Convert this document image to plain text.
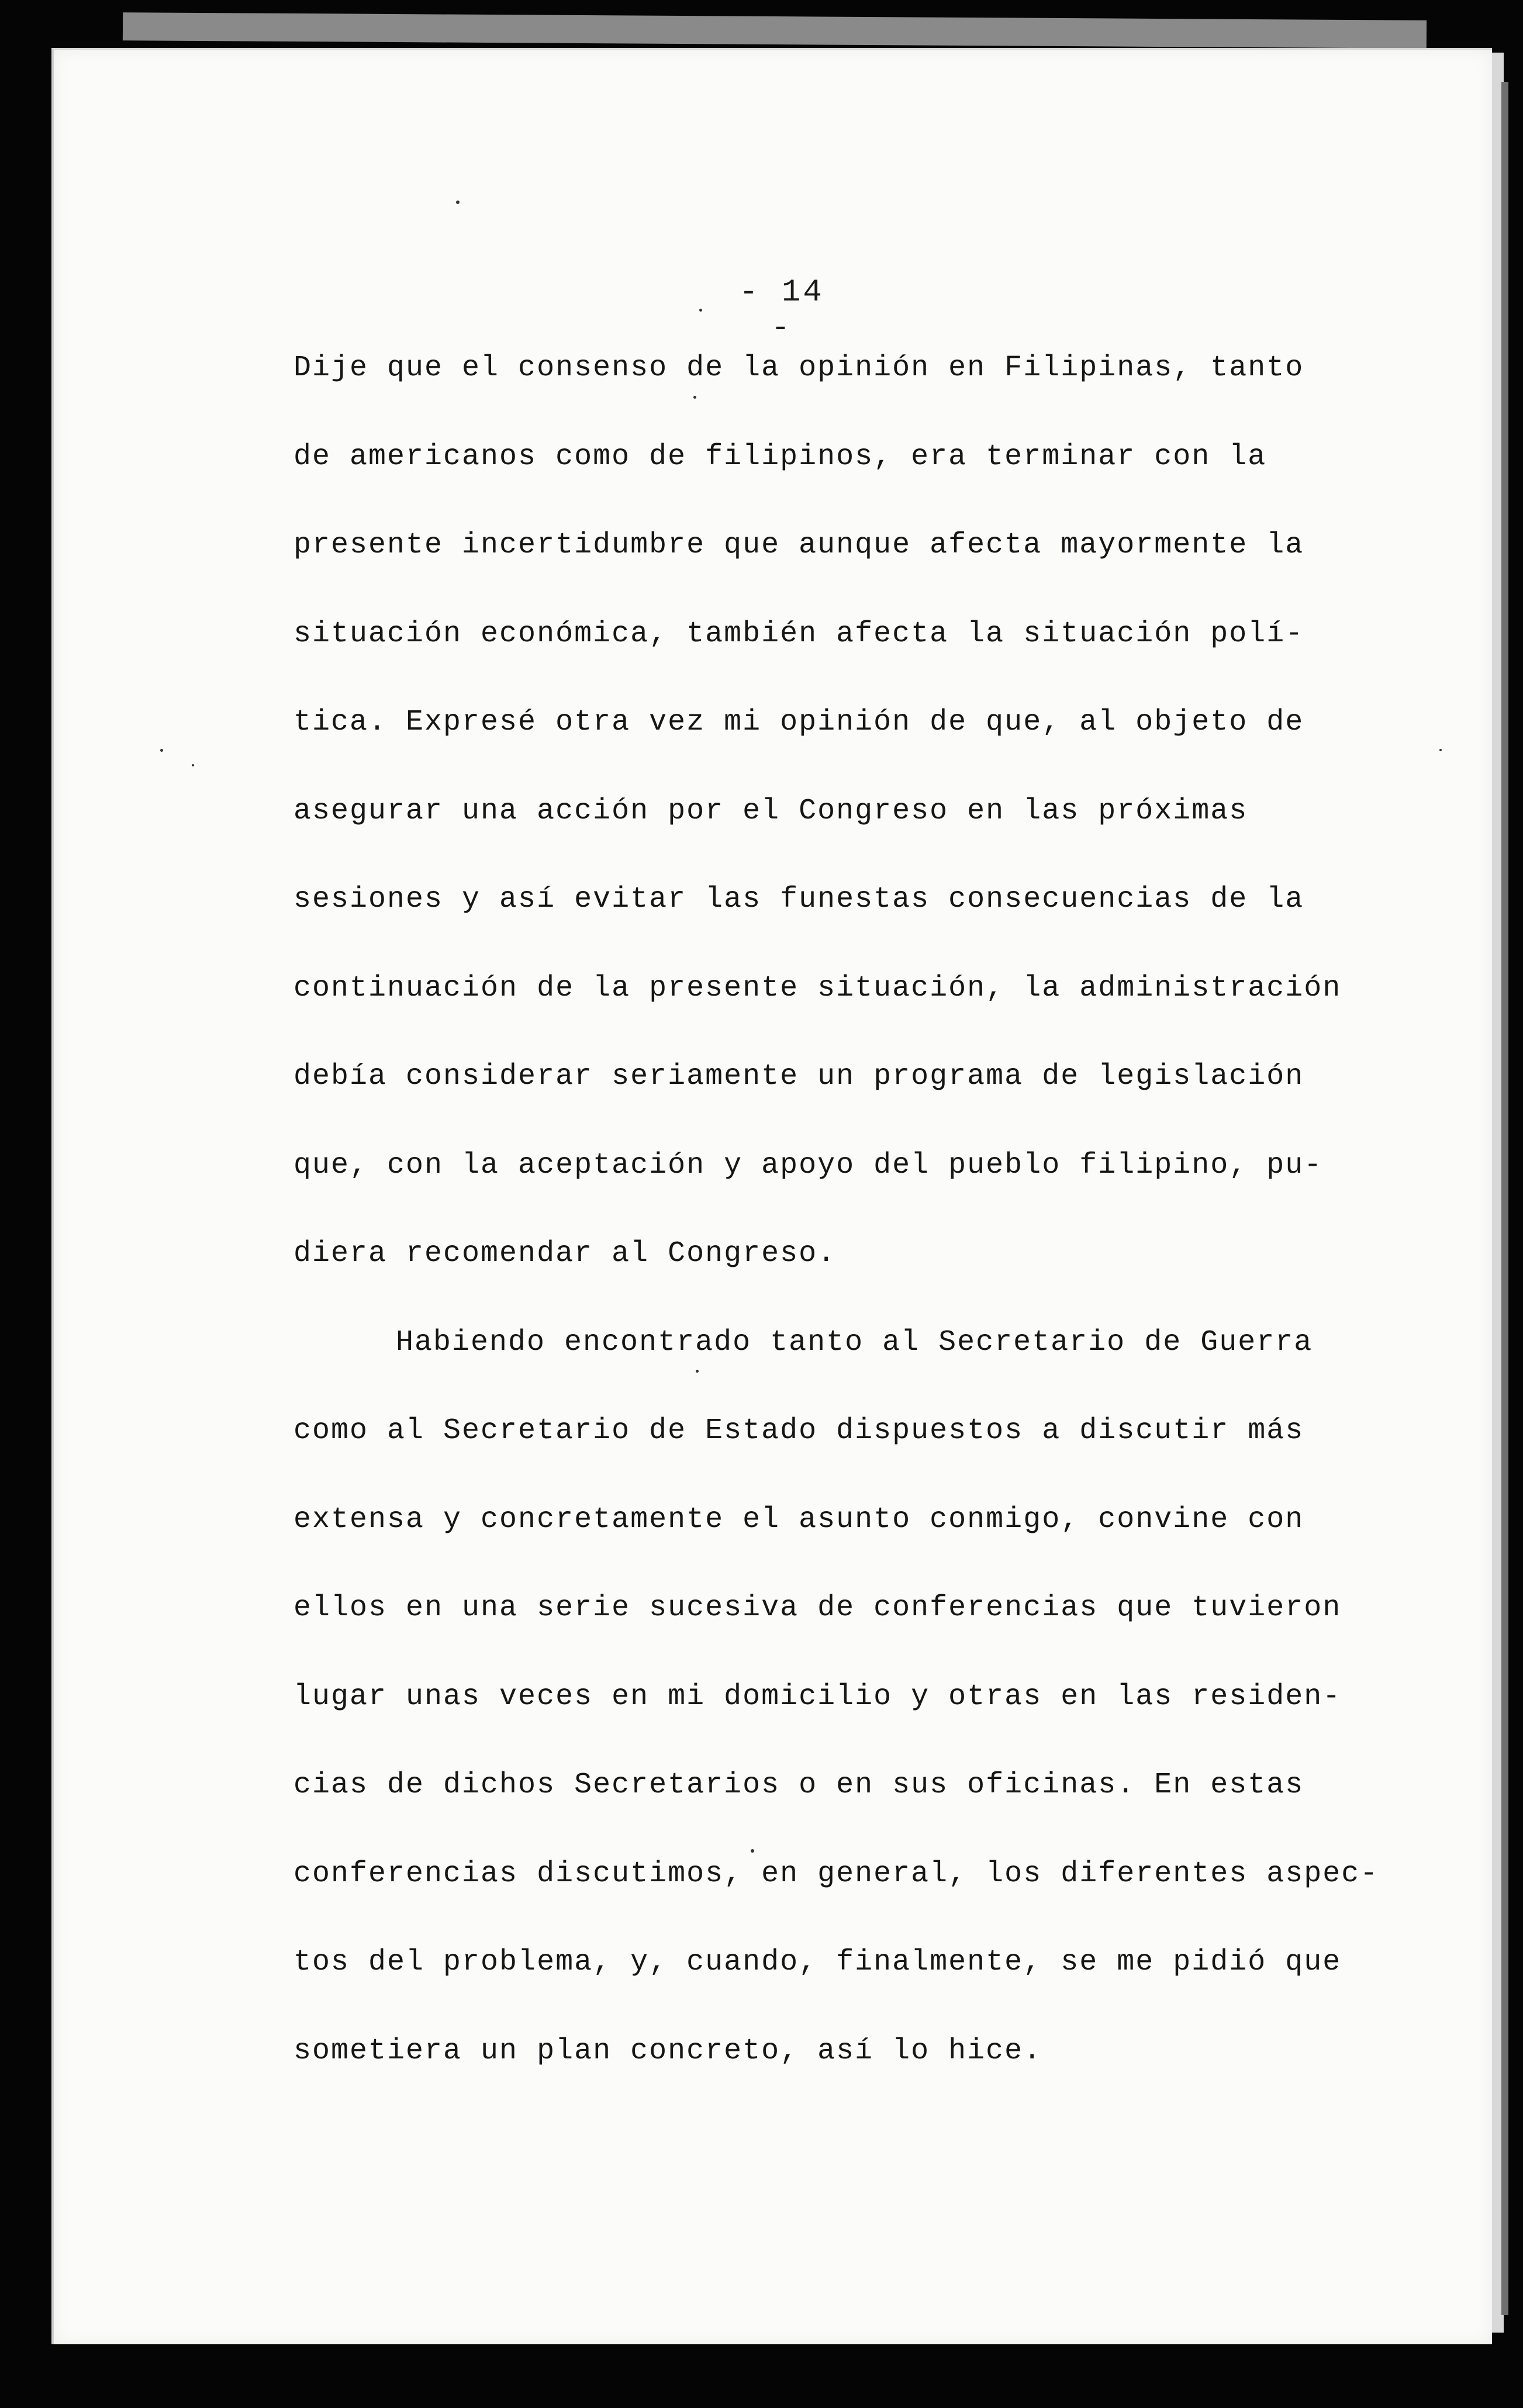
- 14 -
Dije que el consenso de la opinión en Filipinas, tanto
de americanos como de filipinos, era terminar con la
presente incertidumbre que aunque afecta mayormente la
situación económica, también afecta la situación polí-
tica. Expresé otra vez mi opinión de que, al objeto de
asegurar una acción por el Congreso en las próximas
sesiones y así evitar las funestas consecuencias de la
continuación de la presente situación, la administración
debía considerar seriamente un programa de legislación
que, con la aceptación y apoyo del pueblo filipino, pu-
diera recomendar al Congreso.
Habiendo encontrado tanto al Secretario de Guerra
como al Secretario de Estado dispuestos a discutir más
extensa y concretamente el asunto conmigo, convine con
ellos en una serie sucesiva de conferencias que tuvieron
lugar unas veces en mi domicilio y otras en las residen-
cias de dichos Secretarios o en sus oficinas. En estas
conferencias discutimos, en general, los diferentes aspec-
tos del problema, y, cuando, finalmente, se me pidió que
sometiera un plan concreto, así lo hice.
